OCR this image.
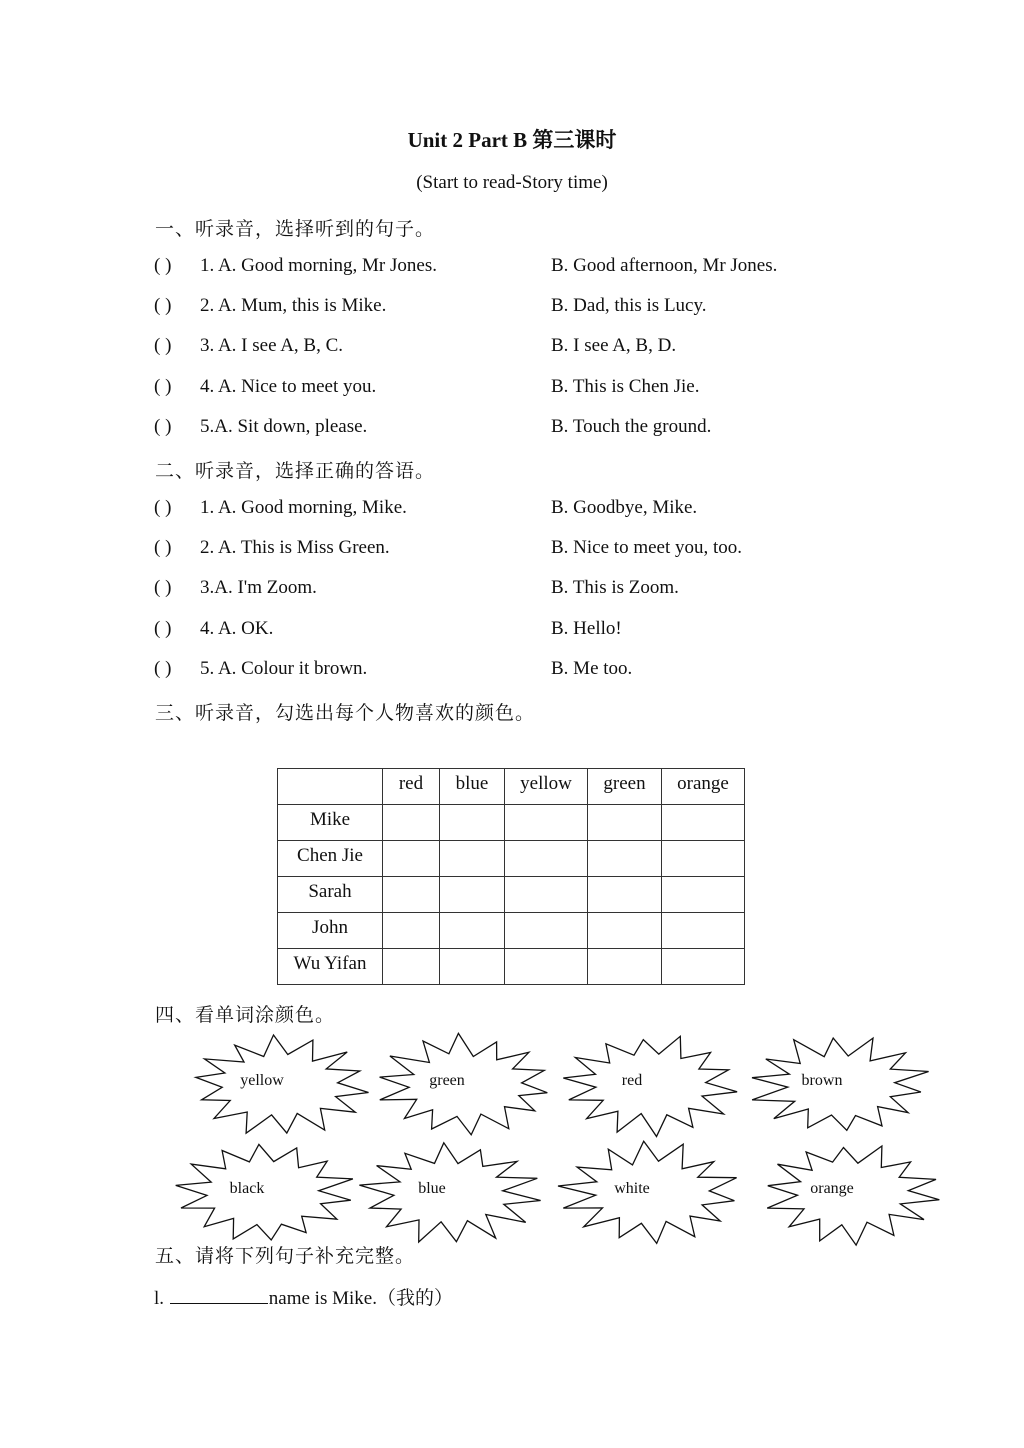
Unit 2 Part B 第三课时
(Start to read-Story time)
一、听录音，选择听到的句子。
( ) 1. A. Good morning, Mr Jones.	B. Good afternoon, Mr Jones.
( ) 2. A. Mum, this is Mike.	B. Dad, this is Lucy.
( ) 3. A. I see A, B, C.	B. I see A, B, D.
( ) 4. A. Nice to meet you.	B. This is Chen Jie.
( ) 5.A. Sit down, please.	B. Touch the ground.
二、听录音，选择正确的答语。
( ) 1. A. Good morning, Mike.	B. Goodbye, Mike.
( ) 2. A. This is Miss Green.	B. Nice to meet you, too.
( ) 3.A. I'm Zoom.	B. This is Zoom.
( ) 4. A. OK.	B. Hello!
( ) 5. A. Colour it brown.	B. Me too.
三、听录音，勾选出每个人物喜欢的颜色。
	red	blue	yellow	green	orange
Mike					
Chen Jie					
Sarah					
John					
Wu Yifan					
四、看单词涂颜色。
yellow	green	red	brown
black	blue	white	orange
五、请将下列句子补充完整。
l.	name is Mike.（我的）
